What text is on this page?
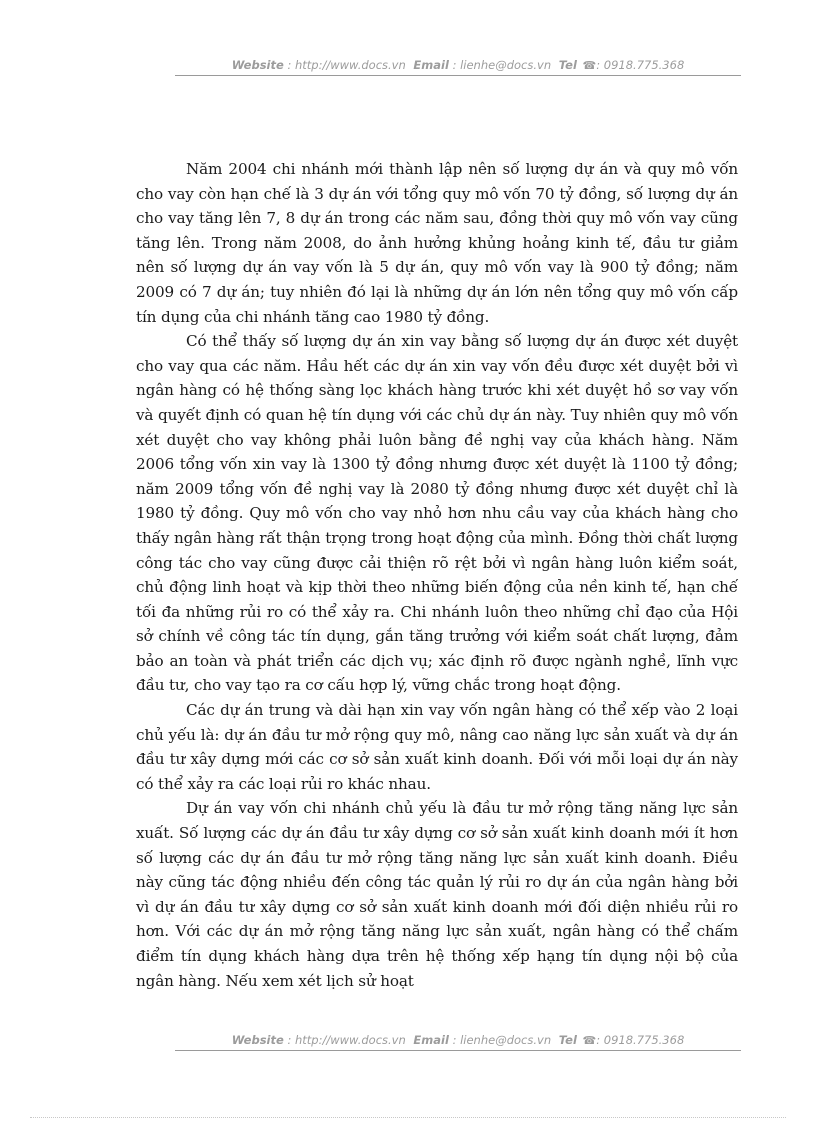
Website : http://www.docs.vn Email : lienhe@docs.vn Tel ☎: 0918.775.368

Năm 2004 chi nhánh mới thành lập nên số lượng dự án và quy mô vốn cho vay còn hạn chế là 3 dự án với tổng quy mô vốn 70 tỷ đồng, số lượng dự án cho vay tăng lên 7, 8 dự án trong các năm sau, đồng thời quy mô vốn vay cũng tăng lên. Trong năm 2008, do ảnh hưởng khủng hoảng kinh tế, đầu tư giảm nên số lượng dự án vay vốn là 5 dự án, quy mô vốn vay là 900 tỷ đồng; năm 2009 có 7 dự án; tuy nhiên đó lại là những dự án lớn nên tổng quy mô vốn cấp tín dụng của chi nhánh tăng cao 1980 tỷ đồng.

Có thể thấy số lượng dự án xin vay bằng số lượng dự án được xét duyệt cho vay qua các năm. Hầu hết các dự án xin vay vốn đều được xét duyệt bởi vì ngân hàng có hệ thống sàng lọc khách hàng trước khi xét duyệt hồ sơ vay vốn và quyết định có quan hệ tín dụng với các chủ dự án này. Tuy nhiên quy mô vốn xét duyệt cho vay không phải luôn bằng đề nghị vay của khách hàng. Năm 2006 tổng vốn xin vay là 1300 tỷ đồng nhưng được xét duyệt là 1100 tỷ đồng; năm 2009 tổng vốn đề nghị vay là 2080 tỷ đồng nhưng được xét duyệt chỉ là 1980 tỷ đồng. Quy mô vốn cho vay nhỏ hơn nhu cầu vay của khách hàng cho thấy ngân hàng rất thận trọng trong hoạt động của mình. Đồng thời chất lượng công tác cho vay cũng được cải thiện rõ rệt bởi vì ngân hàng luôn kiểm soát, chủ động linh hoạt và kịp thời theo những biến động của nền kinh tế, hạn chế tối đa những rủi ro có thể xảy ra. Chi nhánh luôn theo những chỉ đạo của Hội sở chính về công tác tín dụng, gắn tăng trưởng với kiểm soát chất lượng, đảm bảo an toàn và phát triển các dịch vụ; xác định rõ được ngành nghề, lĩnh vực đầu tư, cho vay tạo ra cơ cấu hợp lý, vững chắc trong hoạt động.

Các dự án trung và dài hạn xin vay vốn ngân hàng có thể xếp vào 2 loại chủ yếu là: dự án đầu tư mở rộng quy mô, nâng cao năng lực sản xuất và dự án đầu tư xây dựng mới các cơ sở sản xuất kinh doanh. Đối với mỗi loại dự án này có thể xảy ra các loại rủi ro khác nhau.

Dự án vay vốn chi nhánh chủ yếu là đầu tư mở rộng tăng năng lực sản xuất. Số lượng các dự án đầu tư xây dựng cơ sở sản xuất kinh doanh mới ít hơn số lượng các dự án đầu tư mở rộng tăng năng lực sản xuất kinh doanh. Điều này cũng tác động nhiều đến công tác quản lý rủi ro dự án của ngân hàng bởi vì dự án đầu tư xây dựng cơ sở sản xuất kinh doanh mới đối diện nhiều rủi ro hơn. Với các dự án mở rộng tăng năng lực sản xuất, ngân hàng có thể chấm điểm tín dụng khách hàng dựa trên hệ thống xếp hạng tín dụng nội bộ của ngân hàng. Nếu xem xét lịch sử hoạt

Website : http://www.docs.vn Email : lienhe@docs.vn Tel ☎: 0918.775.368
